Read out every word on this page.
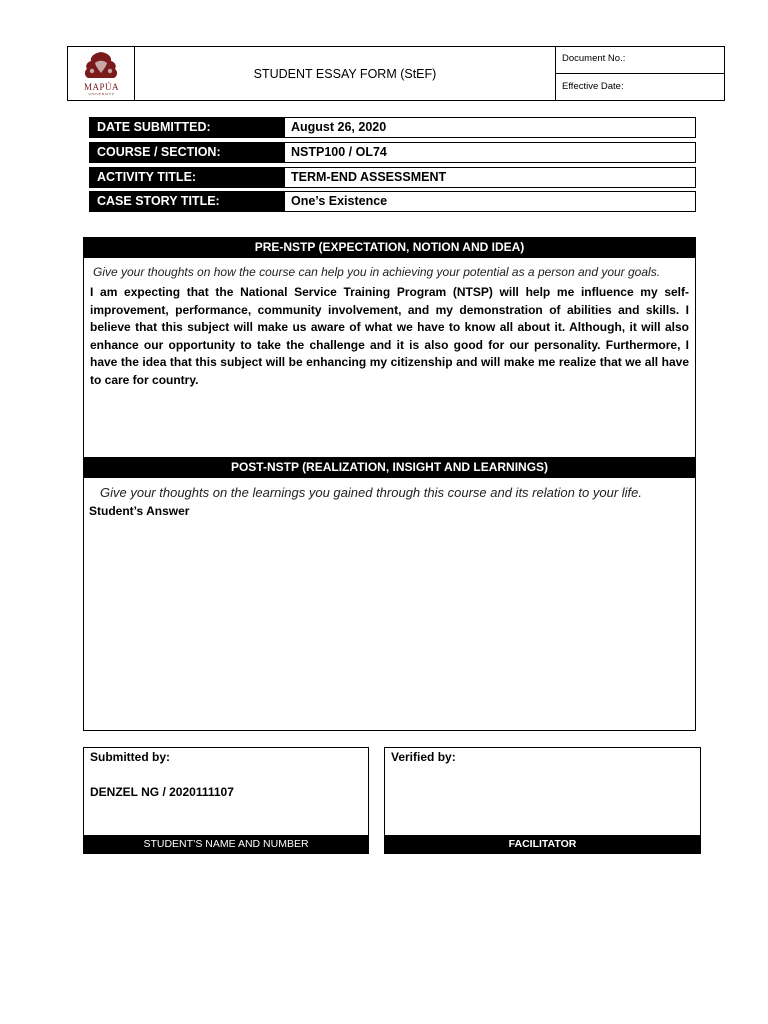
MAPÚA
UNIVERSITY
STUDENT ESSAY FORM (StEF)
Document No.:
Effective Date:
DATE SUBMITTED:	August 26, 2020
COURSE / SECTION:	NSTP100 / OL74
ACTIVITY TITLE:	TERM-END ASSESSMENT
CASE STORY TITLE:	One’s Existence
PRE-NSTP (EXPECTATION, NOTION AND IDEA)
Give your thoughts on how the course can help you in achieving your potential as a person and your goals.
I am expecting that the National Service Training Program (NTSP) will help me influence my self-improvement, performance, community involvement, and my demonstration of abilities and skills. I believe that this subject will make us aware of what we have to know all about it. Although, it will also enhance our opportunity to take the challenge and it is also good for our personality. Furthermore, I have the idea that this subject will be enhancing my citizenship and will make me realize that we all have to care for country.
POST-NSTP (REALIZATION, INSIGHT AND LEARNINGS)
Give your thoughts on the learnings you gained through this course and its relation to your life.
Student’s Answer
Submitted by:
DENZEL NG / 2020111107
STUDENT’S NAME AND NUMBER
Verified by:
FACILITATOR
